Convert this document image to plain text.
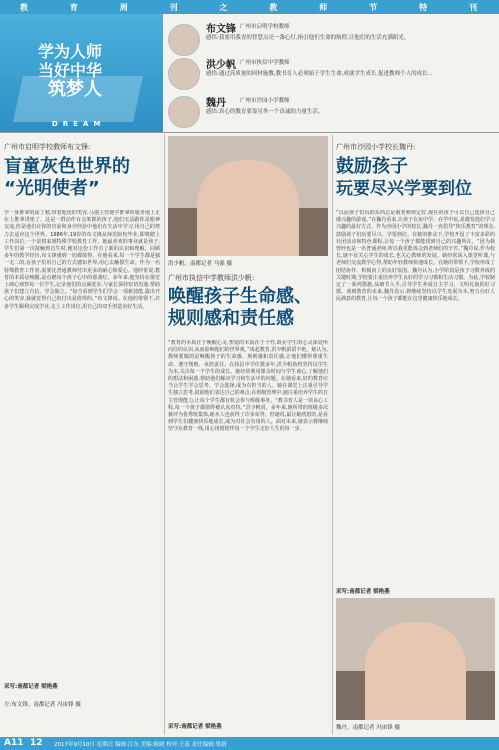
教	育	周	刊	之	教	师	节	特	刊
学为人师
当好中华
筑梦人
DREAM
布文锋 广州市启明学校教师
感悟:我要用我青的智慧点亮一盏心灯,指引他们生命的航程,让他们的生活充满阳光。
洪少帆 广州市执信中学教师
感悟:通过高质量的因材施教,教书育人必须始于学生生命,成就学生成长,促进教师个人的成长...
魏丹	广州市沙园小学教师
感悟:真心的教育要靠另外一个真诚的力量生活。
广州市启明学校教师布文锋:
盲童灰色世界的
“光明使者”
学一身推拿的屈丁勉,带着他优的笑容,马强主管地学推拿的服务地上正在上推拿讲座了。这是一群动作有点笨拙的孩子,他们无法跟你是眼神交流,但是他们在你的宫前和身旁经验中他们在生活中学习,用自己的努力去适应这个世界。1986年,19岁的布文锋从师范院校毕业,即将踏上工作岗位,一个是将来到特殊学校教育工作。她最喜欢的事业就是孩子,学生们第一次接触到盲生时,便对这份工作有了新的认识和理解。回顾多年的教学经历,布文锋感到一切都值得。在他看来,每一个学生都是独一无二的,盲孩子们用自己的方式感知世界,用心去触摸生命。作为一名特殊教育工作者,需要比普通教师付出更多的耐心和爱心。他经常说,教育的本质是唤醒,是点燃每个孩子心中的那盏灯。多年来,他坚持在课堂上细心观察每一位学生,记录他们的点滴进步,与家长保持密切沟通,帮助孩子们建立自信、学会独立。“每当看到学生们学会一项新技能,露出开心的笑容,我就觉得自己的付出是值得的。”布文锋说。在他的带领下,许多学生顺利完成学业,走上工作岗位,用自己的双手创造美好生活。
采写:南都记者 梁艳燕
左:布文锋。南都记者 冯宙锋 摄
洪少帆。南都记者 马强 摄
广州市执信中学教师洪少帆:
唤醒孩子生命感、
规则感和责任感
“教育的本质在于唤醒心灵,塑造的本质在于个性,既在学生的心灵深处所向往的认识,从而影响他们的世界观。”谈起教育,洪少帆滔滔不绝。她认为,教师要做的是唤醒孩子的生命感、规则感和责任感,让他们懂得尊重生命、遵守规则、承担责任。在执信中学任教多年,洪少帆始终坚持以学生为本,关注每一个学生的成长。她经常利用课余时间与学生谈心,了解他们的想法和困惑,帮助他们解决学习和生活中的问题。在她看来,好的教育应当让学生学会思考、学会选择,成为有担当的人。她在课堂上注重引导学生独立思考,鼓励他们表达自己的观点;在班级管理中,她注重培养学生的自主管理能力,让每个学生都有机会参与班级事务。“教书育人是一项良心工程,每一个孩子都值得被认真对待。”洪少帆说。多年来,她所带的班级多次被评为优秀班集体,她本人也获得了许多荣誉。但她说,最让她欣慰的,是看到学生们健康快乐地成长,成为对社会有用的人。面对未来,她表示将继续坚守在教育一线,用心用情陪伴每一个学生走好人生的每一步。
采写:南都记者 梁艳燕
广州市沙园小学校长魏丹:
鼓励孩子
玩要尽兴学要到位
“以前孩子们玩的东西总是被老师规定好,现在的孩子可以自己选择自己感兴趣的游戏。”在魏丹看来,让孩子在玩中学、在学中玩,是激发他们学习兴趣的最好方式。作为沙园小学的校长,魏丹一直倡导“快乐教育”的理念,鼓励孩子们玩要尽兴、学要到位。在她的推动下,学校开设了丰富多彩的社团活动和特色课程,让每一个孩子都能找到自己的兴趣所在。“因为我曾经也是一名普通老师,所以我更能体会到老师们的辛苦。”魏丹说,作为校长,她不仅关心学生的成长,也关心教师的发展。她经常深入课堂听课,与老师们交流教学心得,帮助年轻教师快速成长。在她的带领下,学校形成了团结协作、积极向上的良好氛围。魏丹认为,小学阶段是孩子习惯养成的关键时期,学校要注重培养学生良好的学习习惯和生活习惯。为此,学校制定了一系列措施,从细节入手,引导学生养成自主学习、文明礼貌的好习惯。谈到教育的未来,魏丹表示,将继续坚持以学生发展为本,努力办好人民满意的教育,让每一个孩子都能在这里健康快乐地成长。
采写:南都记者 梁艳燕
魏丹。南都记者 冯宙锋 摄
A11 12 2017年9月10日 星期日 编辑:江东 美编:陈晓 校对:王蕊 责任编辑:梁新
